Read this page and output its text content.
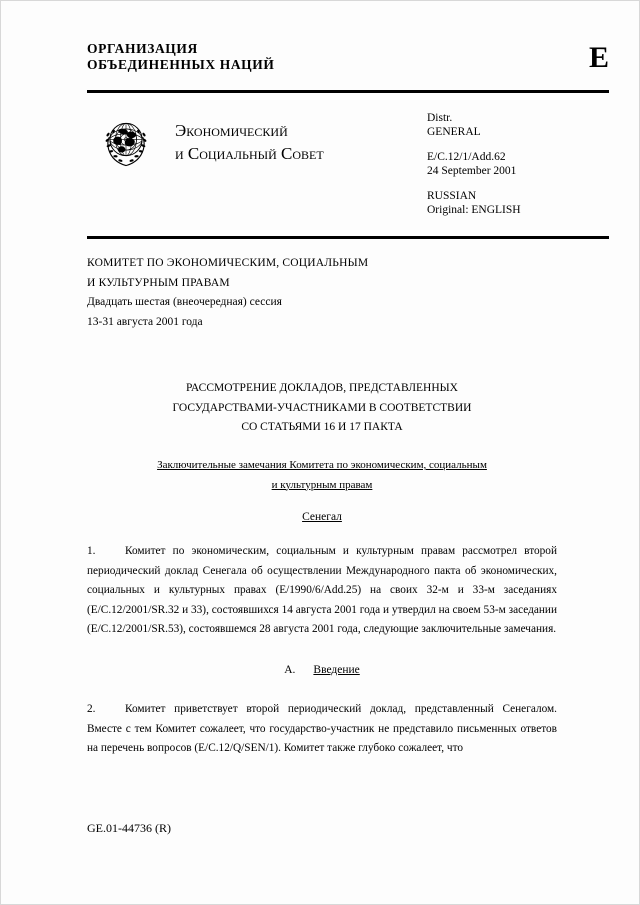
ОРГАНИЗАЦИЯ
ОБЪЕДИНЕННЫХ НАЦИЙ	E
Экономический
и Социальный Совет
Distr.
GENERAL
E/C.12/1/Add.62
24 September 2001
RUSSIAN
Original: ENGLISH
КОМИТЕТ ПО ЭКОНОМИЧЕСКИМ, СОЦИАЛЬНЫМ
И КУЛЬТУРНЫМ ПРАВАМ
Двадцать шестая (внеочередная) сессия
13-31 августа 2001 года
РАССМОТРЕНИЕ ДОКЛАДОВ, ПРЕДСТАВЛЕННЫХ
ГОСУДАРСТВАМИ-УЧАСТНИКАМИ В СООТВЕТСТВИИ
СО СТАТЬЯМИ 16 И 17 ПАКТА
Заключительные замечания Комитета по экономическим, социальным
и культурным правам
Сенегал
1.	Комитет по экономическим, социальным и культурным правам рассмотрел второй периодический доклад Сенегала об осуществлении Международного пакта об экономических, социальных и культурных правах (E/1990/6/Add.25) на своих 32-м и 33-м заседаниях (E/C.12/2001/SR.32 и 33), состоявшихся 14 августа 2001 года и утвердил на своем 53-м заседании (E/C.12/2001/SR.53), состоявшемся 28 августа 2001 года, следующие заключительные замечания.
A. Введение
2.	Комитет приветствует второй периодический доклад, представленный Сенегалом. Вместе с тем Комитет сожалеет, что государство-участник не представило письменных ответов на перечень вопросов (E/C.12/Q/SEN/1). Комитет также глубоко сожалеет, что
GE.01-44736 (R)
